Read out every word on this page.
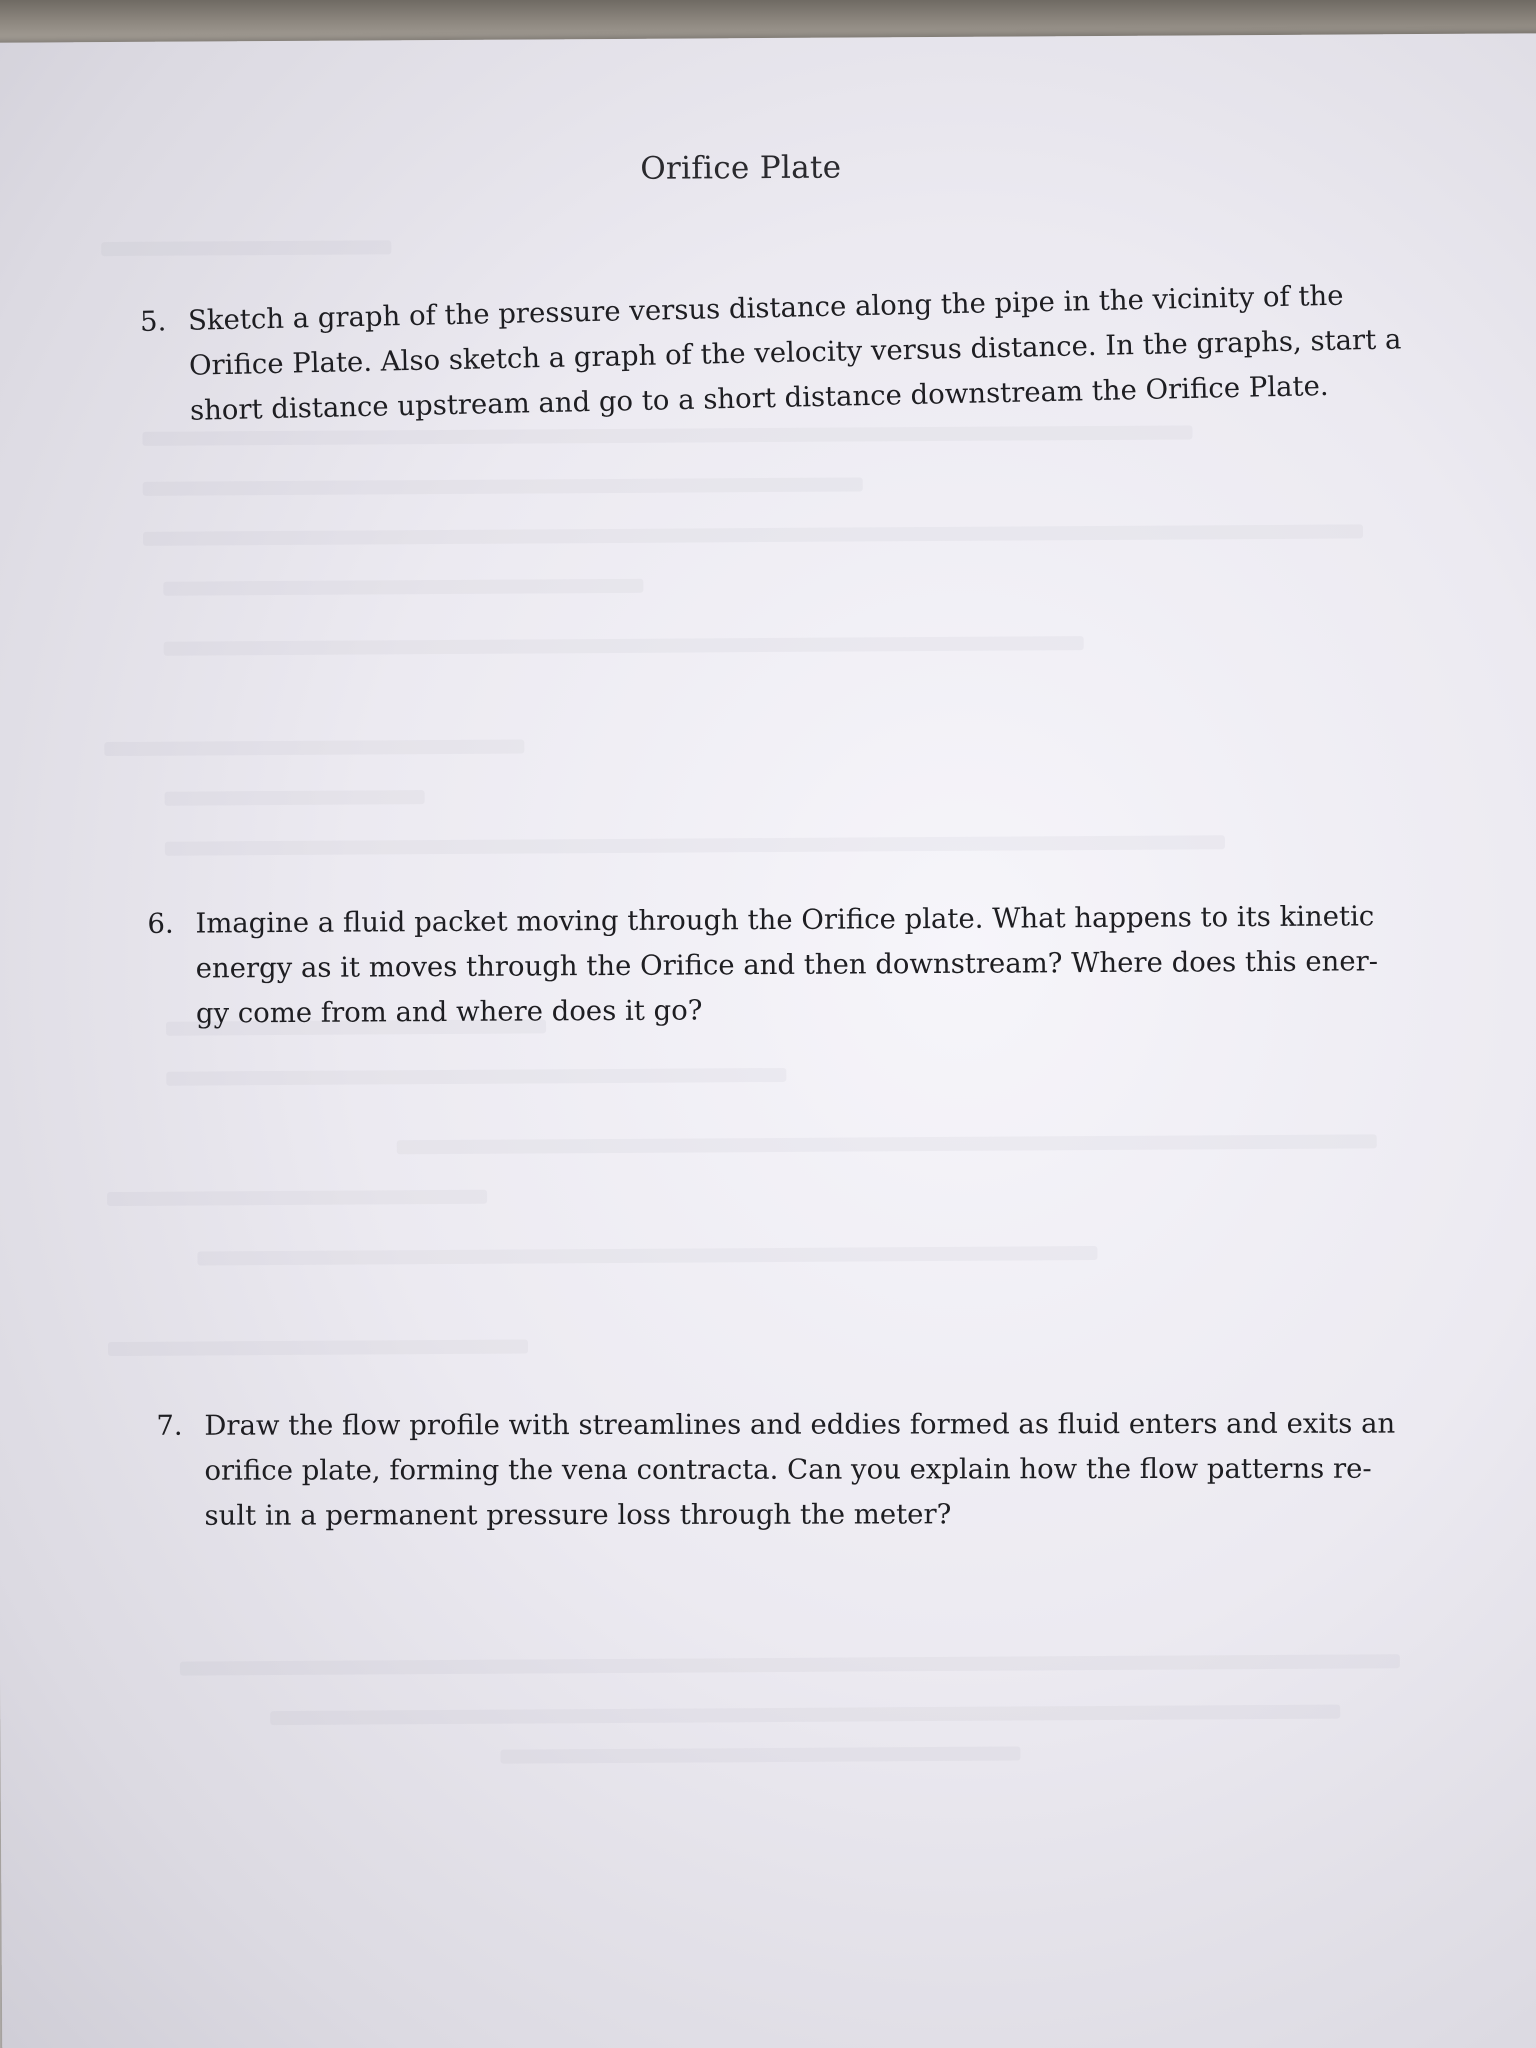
Orifice Plate
5. Sketch a graph of the pressure versus distance along the pipe in the vicinity of the
Orifice Plate. Also sketch a graph of the velocity versus distance. In the graphs, start a
short distance upstream and go to a short distance downstream the Orifice Plate.
6. Imagine a fluid packet moving through the Orifice plate. What happens to its kinetic
energy as it moves through the Orifice and then downstream? Where does this ener-
gy come from and where does it go?
7. Draw the flow profile with streamlines and eddies formed as fluid enters and exits an
orifice plate, forming the vena contracta. Can you explain how the flow patterns re-
sult in a permanent pressure loss through the meter?
